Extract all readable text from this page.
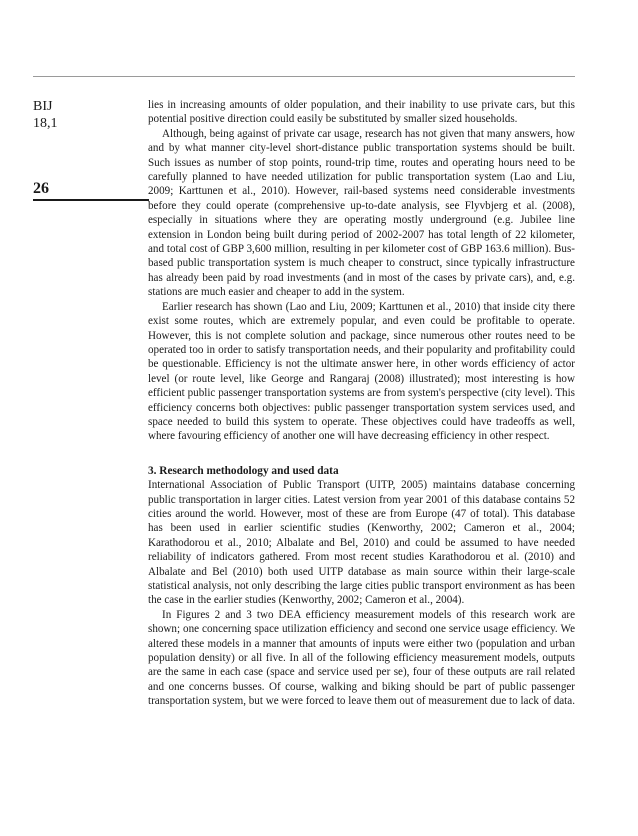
BIJ
18,1
26

lies in increasing amounts of older population, and their inability to use private cars, but this potential positive direction could easily be substituted by smaller sized households.

Although, being against of private car usage, research has not given that many answers, how and by what manner city-level short-distance public transportation systems should be built. Such issues as number of stop points, round-trip time, routes and operating hours need to be carefully planned to have needed utilization for public transportation system (Lao and Liu, 2009; Karttunen et al., 2010). However, rail-based systems need considerable investments before they could operate (comprehensive up-to-date analysis, see Flyvbjerg et al. (2008), especially in situations where they are operating mostly underground (e.g. Jubilee line extension in London being built during period of 2002-2007 has total length of 22 kilometer, and total cost of GBP 3,600 million, resulting in per kilometer cost of GBP 163.6 million). Bus-based public transportation system is much cheaper to construct, since typically infrastructure has already been paid by road investments (and in most of the cases by private cars), and, e.g. stations are much easier and cheaper to add in the system.

Earlier research has shown (Lao and Liu, 2009; Karttunen et al., 2010) that inside city there exist some routes, which are extremely popular, and even could be profitable to operate. However, this is not complete solution and package, since numerous other routes need to be operated too in order to satisfy transportation needs, and their popularity and profitability could be questionable. Efficiency is not the ultimate answer here, in other words efficiency of actor level (or route level, like George and Rangaraj (2008) illustrated); most interesting is how efficient public passenger transportation systems are from system's perspective (city level). This efficiency concerns both objectives: public passenger transportation system services used, and space needed to build this system to operate. These objectives could have tradeoffs as well, where favouring efficiency of another one will have decreasing efficiency in other respect.

3. Research methodology and used data

International Association of Public Transport (UITP, 2005) maintains database concerning public transportation in larger cities. Latest version from year 2001 of this database contains 52 cities around the world. However, most of these are from Europe (47 of total). This database has been used in earlier scientific studies (Kenworthy, 2002; Cameron et al., 2004; Karathodorou et al., 2010; Albalate and Bel, 2010) and could be assumed to have needed reliability of indicators gathered. From most recent studies Karathodorou et al. (2010) and Albalate and Bel (2010) both used UITP database as main source within their large-scale statistical analysis, not only describing the large cities public transport environment as has been the case in the earlier studies (Kenworthy, 2002; Cameron et al., 2004).

In Figures 2 and 3 two DEA efficiency measurement models of this research work are shown; one concerning space utilization efficiency and second one service usage efficiency. We altered these models in a manner that amounts of inputs were either two (population and urban population density) or all five. In all of the following efficiency measurement models, outputs are the same in each case (space and service used per se), four of these outputs are rail related and one concerns busses. Of course, walking and biking should be part of public passenger transportation system, but we were forced to leave them out of measurement due to lack of data.
